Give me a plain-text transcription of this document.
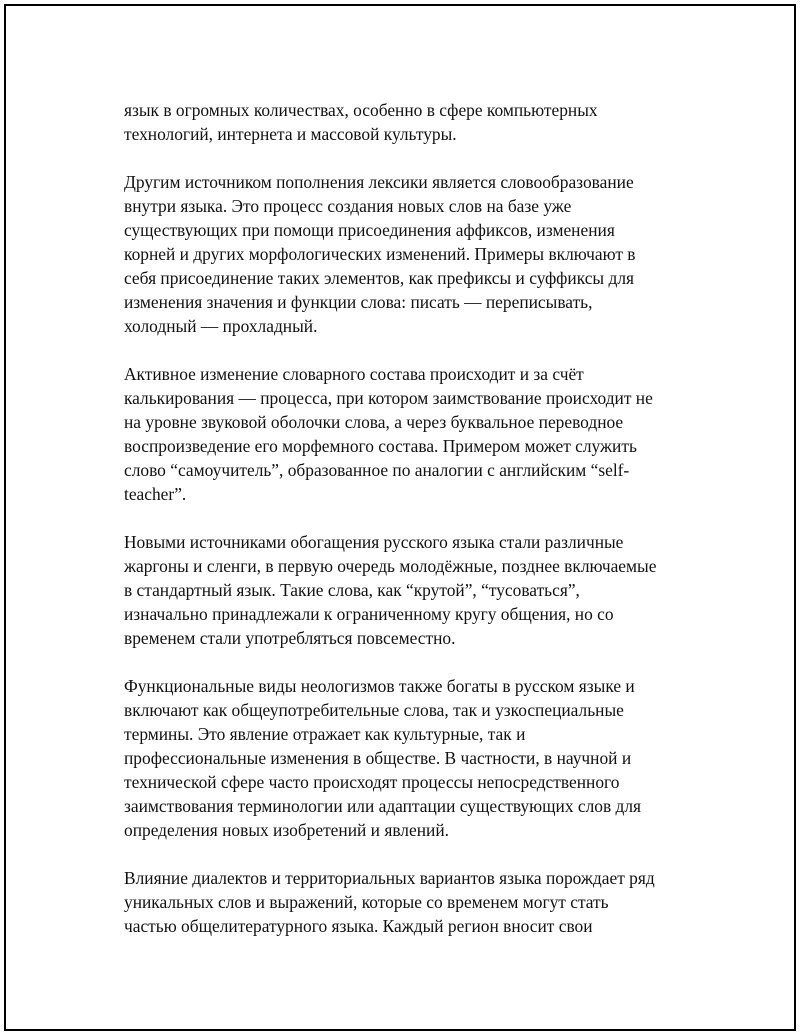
язык в огромных количествах, особенно в сфере компьютерных
технологий, интернета и массовой культуры.

Другим источником пополнения лексики является словообразование
внутри языка. Это процесс создания новых слов на базе уже
существующих при помощи присоединения аффиксов, изменения
корней и других морфологических изменений. Примеры включают в
себя присоединение таких элементов, как префиксы и суффиксы для
изменения значения и функции слова: писать — переписывать,
холодный — прохладный.

Активное изменение словарного состава происходит и за счёт
калькирования — процесса, при котором заимствование происходит не
на уровне звуковой оболочки слова, а через буквальное переводное
воспроизведение его морфемного состава. Примером может служить
слово “самоучитель”, образованное по аналогии с английским “self-
teacher”.

Новыми источниками обогащения русского языка стали различные
жаргоны и сленги, в первую очередь молодёжные, позднее включаемые
в стандартный язык. Такие слова, как “крутой”, “тусоваться”,
изначально принадлежали к ограниченному кругу общения, но со
временем стали употребляться повсеместно.

Функциональные виды неологизмов также богаты в русском языке и
включают как общеупотребительные слова, так и узкоспециальные
термины. Это явление отражает как культурные, так и
профессиональные изменения в обществе. В частности, в научной и
технической сфере часто происходят процессы непосредственного
заимствования терминологии или адаптации существующих слов для
определения новых изобретений и явлений.

Влияние диалектов и территориальных вариантов языка порождает ряд
уникальных слов и выражений, которые со временем могут стать
частью общелитературного языка. Каждый регион вносит свои
